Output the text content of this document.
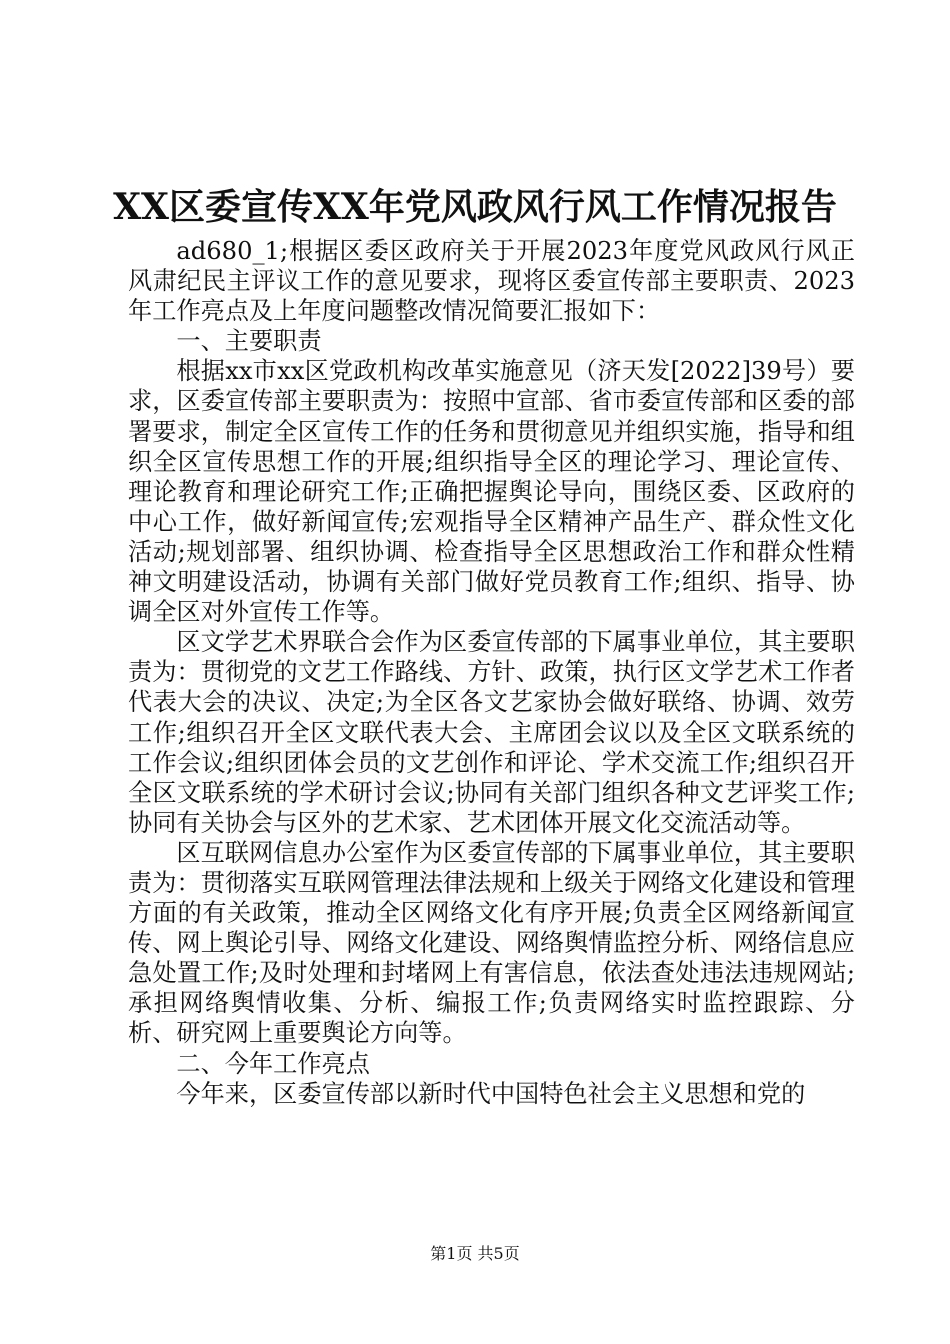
XX区委宣传XX年党风政风行风工作情况报告

ad680_1;根据区委区政府关于开展2023年度党风政风行风正风肃纪民主评议工作的意见要求，现将区委宣传部主要职责、2023年工作亮点及上年度问题整改情况简要汇报如下：

一、主要职责

根据xx市xx区党政机构改革实施意见（济天发[2022]39号）要求，区委宣传部主要职责为：按照中宣部、省市委宣传部和区委的部署要求，制定全区宣传工作的任务和贯彻意见并组织实施，指导和组织全区宣传思想工作的开展;组织指导全区的理论学习、理论宣传、理论教育和理论研究工作;正确把握舆论导向，围绕区委、区政府的中心工作，做好新闻宣传;宏观指导全区精神产品生产、群众性文化活动;规划部署、组织协调、检查指导全区思想政治工作和群众性精神文明建设活动，协调有关部门做好党员教育工作;组织、指导、协调全区对外宣传工作等。

区文学艺术界联合会作为区委宣传部的下属事业单位，其主要职责为：贯彻党的文艺工作路线、方针、政策，执行区文学艺术工作者代表大会的决议、决定;为全区各文艺家协会做好联络、协调、效劳工作;组织召开全区文联代表大会、主席团会议以及全区文联系统的工作会议;组织团体会员的文艺创作和评论、学术交流工作;组织召开全区文联系统的学术研讨会议;协同有关部门组织各种文艺评奖工作;协同有关协会与区外的艺术家、艺术团体开展文化交流活动等。

区互联网信息办公室作为区委宣传部的下属事业单位，其主要职责为：贯彻落实互联网管理法律法规和上级关于网络文化建设和管理方面的有关政策，推动全区网络文化有序开展;负责全区网络新闻宣传、网上舆论引导、网络文化建设、网络舆情监控分析、网络信息应急处置工作;及时处理和封堵网上有害信息，依法查处违法违规网站;承担网络舆情收集、分析、编报工作;负责网络实时监控跟踪、分析、研究网上重要舆论方向等。

二、今年工作亮点

今年来，区委宣传部以新时代中国特色社会主义思想和党的

第1页 共5页
